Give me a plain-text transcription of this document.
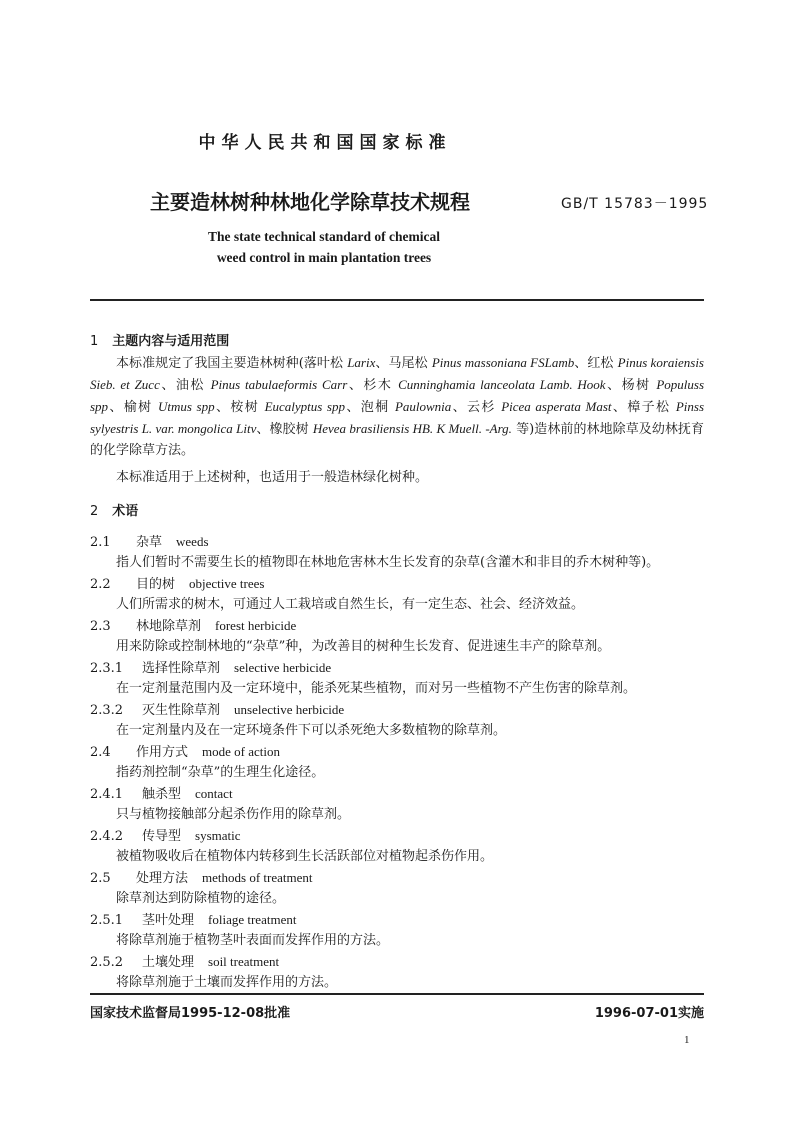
中华人民共和国国家标准
主要造林树种林地化学除草技术规程	GB/T 15783－1995
The state technical standard of chemical
weed control in main plantation trees
1 主题内容与适用范围
本标准规定了我国主要造林树种(落叶松 Larix、马尾松 Pinus massoniana FSLamb、红松 Pinus koraiensis Sieb. et Zucc、油松 Pinus tabulaeformis Carr、杉木 Cunninghamia lanceolata Lamb. Hook、杨树 Populuss spp、榆树 Utmus spp、桉树 Eucalyptus spp、泡桐 Paulownia、云杉 Picea asperata Mast、樟子松 Pinss sylyestris L. var. mongolica Litv、橡胶树 Hevea brasiliensis HB. K Muell. -Arg. 等)造林前的林地除草及幼林抚育的化学除草方法。
本标准适用于上述树种，也适用于一般造林绿化树种。
2 术语
2.1 杂草 weeds
指人们暂时不需要生长的植物即在林地危害林木生长发育的杂草(含灌木和非目的乔木树种等)。
2.2 目的树 objective trees
人们所需求的树木，可通过人工栽培或自然生长，有一定生态、社会、经济效益。
2.3 林地除草剂 forest herbicide
用来防除或控制林地的“杂草”种，为改善目的树种生长发育、促进速生丰产的除草剂。
2.3.1 选择性除草剂 selective herbicide
在一定剂量范围内及一定环境中，能杀死某些植物，而对另一些植物不产生伤害的除草剂。
2.3.2 灭生性除草剂 unselective herbicide
在一定剂量内及在一定环境条件下可以杀死绝大多数植物的除草剂。
2.4 作用方式 mode of action
指药剂控制“杂草”的生理生化途径。
2.4.1 触杀型 contact
只与植物接触部分起杀伤作用的除草剂。
2.4.2 传导型 sysmatic
被植物吸收后在植物体内转移到生长活跃部位对植物起杀伤作用。
2.5 处理方法 methods of treatment
除草剂达到防除植物的途径。
2.5.1 茎叶处理 foliage treatment
将除草剂施于植物茎叶表面而发挥作用的方法。
2.5.2 土壤处理 soil treatment
将除草剂施于土壤而发挥作用的方法。
国家技术监督局1995-12-08批准	1996-07-01实施
1
